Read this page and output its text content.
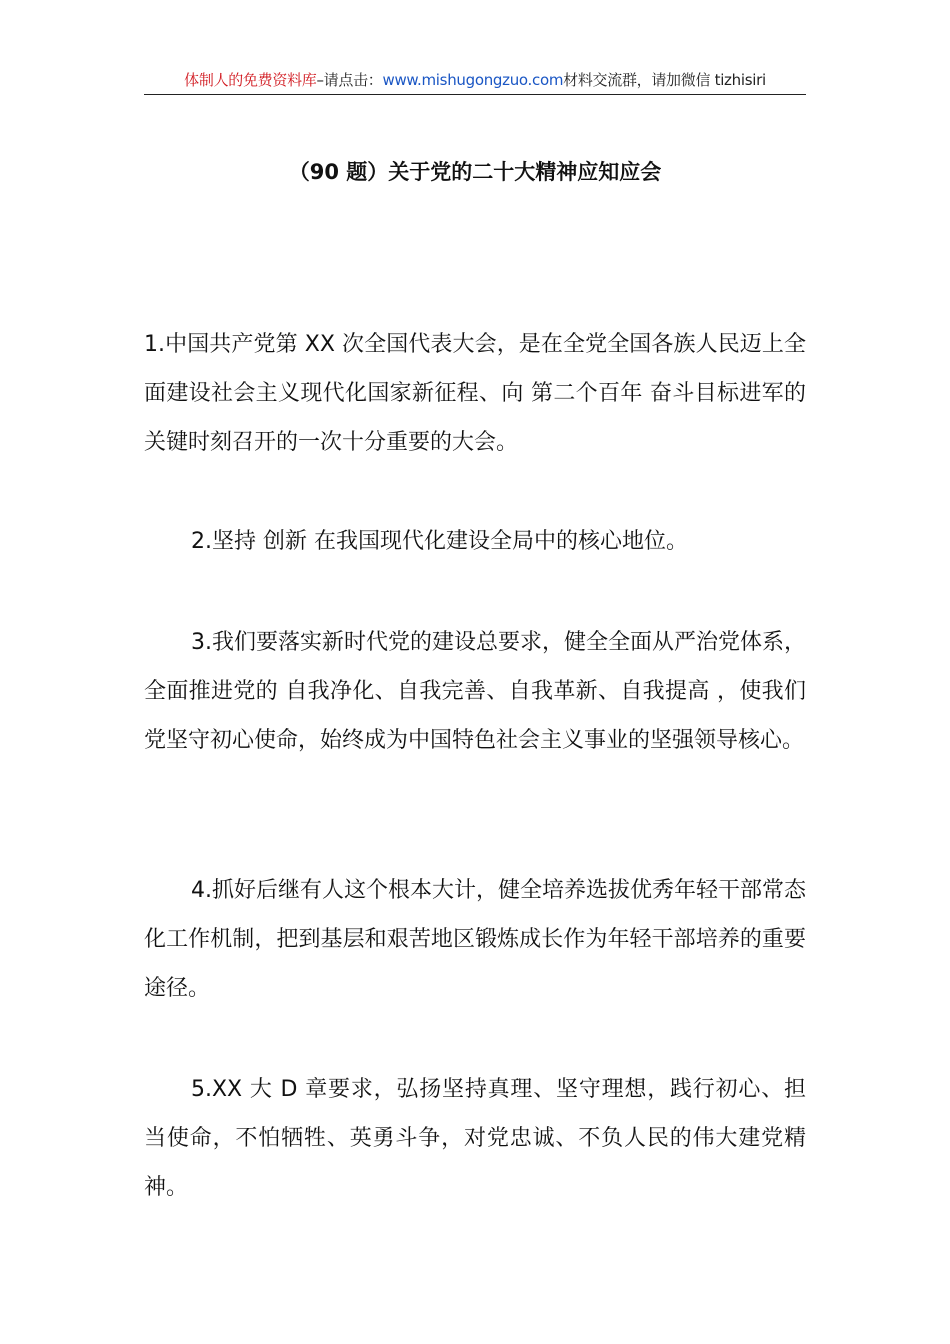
体制人的免费资料库–请点击：www.mishugongzuo.com材料交流群，请加微信 tizhisiri
（90 题）关于党的二十大精神应知应会

1.中国共产党第 XX 次全国代表大会，是在全党全国各族人民迈上全面建设社会主义现代化国家新征程、向 第二个百年 奋斗目标进军的关键时刻召开的一次十分重要的大会。

2.坚持 创新 在我国现代化建设全局中的核心地位。

3.我们要落实新时代党的建设总要求，健全全面从严治党体系，全面推进党的 自我净化、自我完善、自我革新、自我提高 ，使我们党坚守初心使命，始终成为中国特色社会主义事业的坚强领导核心。

4.抓好后继有人这个根本大计，健全培养选拔优秀年轻干部常态化工作机制，把到基层和艰苦地区锻炼成长作为年轻干部培养的重要途径。

5.XX 大 D 章要求，弘扬坚持真理、坚守理想，践行初心、担当使命，不怕牺牲、英勇斗争，对党忠诚、不负人民的伟大建党精神。
